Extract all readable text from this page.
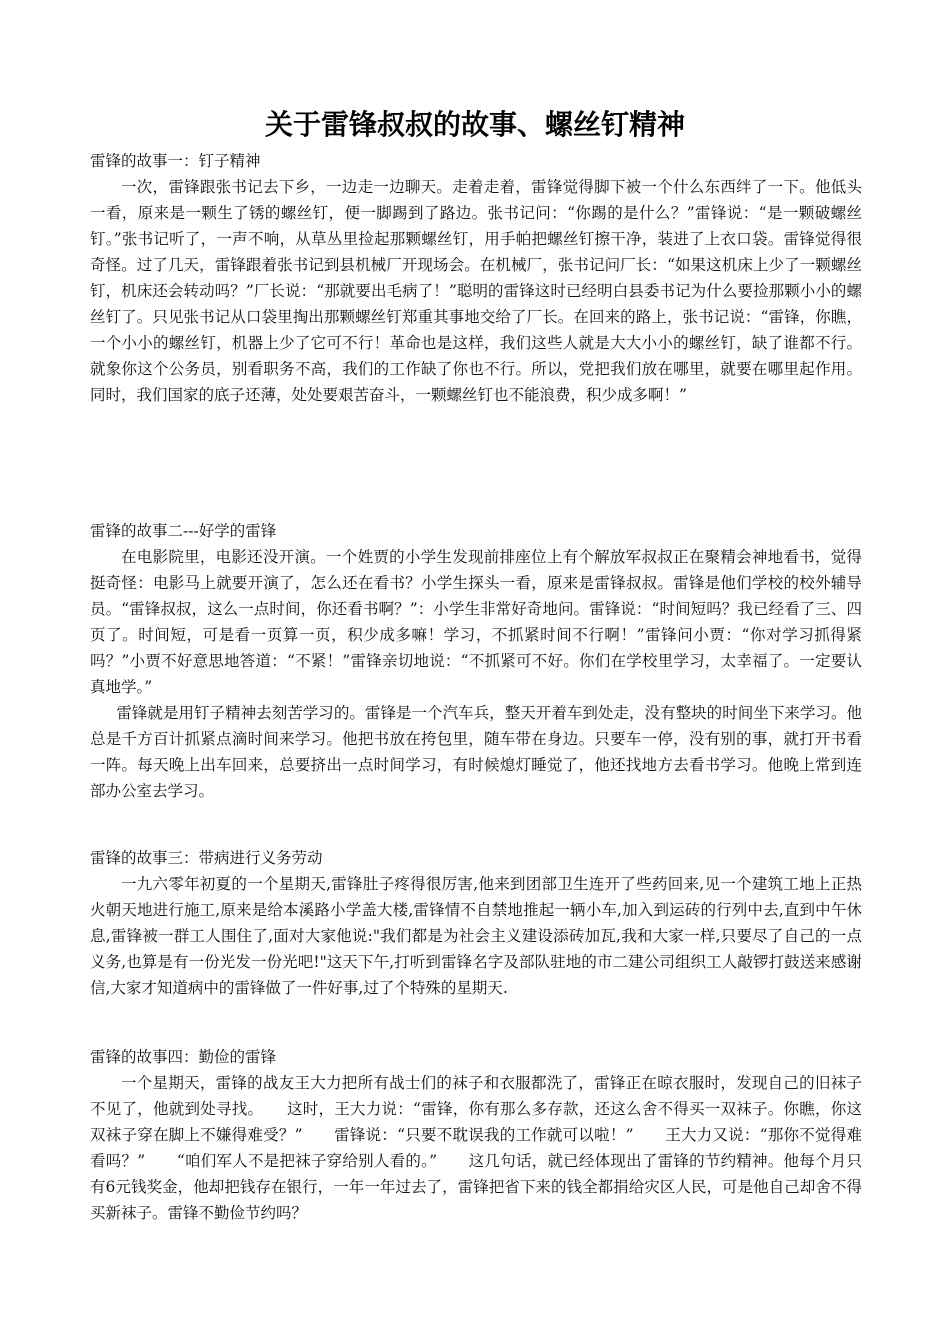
关于雷锋叔叔的故事、螺丝钉精神
雷锋的故事一：钉子精神

一次，雷锋跟张书记去下乡，一边走一边聊天。走着走着，雷锋觉得脚下被一个什么东西绊了一下。他低头一看，原来是一颗生了锈的螺丝钉，便一脚踢到了路边。张书记问：“你踢的是什么？”雷锋说：“是一颗破螺丝钉。”张书记听了，一声不响，从草丛里捡起那颗螺丝钉，用手帕把螺丝钉擦干净，装进了上衣口袋。雷锋觉得很奇怪。过了几天，雷锋跟着张书记到县机械厂开现场会。在机械厂，张书记问厂长：“如果这机床上少了一颗螺丝钉，机床还会转动吗？”厂长说：“那就要出毛病了！”聪明的雷锋这时已经明白县委书记为什么要捡那颗小小的螺丝钉了。只见张书记从口袋里掏出那颗螺丝钉郑重其事地交给了厂长。在回来的路上，张书记说：“雷锋，你瞧，一个小小的螺丝钉，机器上少了它可不行！革命也是这样，我们这些人就是大大小小的螺丝钉，缺了谁都不行。就象你这个公务员，别看职务不高，我们的工作缺了你也不行。所以，党把我们放在哪里，就要在哪里起作用。同时，我们国家的底子还薄，处处要艰苦奋斗，一颗螺丝钉也不能浪费，积少成多啊！”

雷锋的故事二---好学的雷锋

在电影院里，电影还没开演。一个姓贾的小学生发现前排座位上有个解放军叔叔正在聚精会神地看书，觉得挺奇怪：电影马上就要开演了，怎么还在看书？小学生探头一看，原来是雷锋叔叔。雷锋是他们学校的校外辅导员。“雷锋叔叔，这么一点时间，你还看书啊？”：小学生非常好奇地问。雷锋说：“时间短吗？我已经看了三、四页了。时间短，可是看一页算一页，积少成多嘛！学习，不抓紧时间不行啊！”雷锋问小贾：“你对学习抓得紧吗？”小贾不好意思地答道：“不紧！”雷锋亲切地说：“不抓紧可不好。你们在学校里学习，太幸福了。一定要认真地学。”

雷锋就是用钉子精神去刻苦学习的。雷锋是一个汽车兵，整天开着车到处走，没有整块的时间坐下来学习。他总是千方百计抓紧点滴时间来学习。他把书放在挎包里，随车带在身边。只要车一停，没有别的事，就打开书看一阵。每天晚上出车回来，总要挤出一点时间学习，有时候熄灯睡觉了，他还找地方去看书学习。他晚上常到连部办公室去学习。

雷锋的故事三：带病进行义务劳动

一九六零年初夏的一个星期天,雷锋肚子疼得很厉害,他来到团部卫生连开了些药回来,见一个建筑工地上正热火朝天地进行施工,原来是给本溪路小学盖大楼,雷锋情不自禁地推起一辆小车,加入到运砖的行列中去,直到中午休息,雷锋被一群工人围住了,面对大家他说:"我们都是为社会主义建设添砖加瓦,我和大家一样,只要尽了自己的一点义务,也算是有一份光发一份光吧!"这天下午,打听到雷锋名字及部队驻地的市二建公司组织工人敲锣打鼓送来感谢信,大家才知道病中的雷锋做了一件好事,过了个特殊的星期天.

雷锋的故事四：勤俭的雷锋

一个星期天，雷锋的战友王大力把所有战士们的袜子和衣服都洗了，雷锋正在晾衣服时，发现自己的旧袜子不见了，他就到处寻找。　　这时，王大力说：“雷锋，你有那么多存款，还这么舍不得买一双袜子。你瞧，你这双袜子穿在脚上不嫌得难受？”　　雷锋说：“只要不耽误我的工作就可以啦！”　　王大力又说：“那你不觉得难看吗？”　　“咱们军人不是把袜子穿给别人看的。”　　这几句话，就已经体现出了雷锋的节约精神。他每个月只有6元钱奖金，他却把钱存在银行，一年一年过去了，雷锋把省下来的钱全都捐给灾区人民，可是他自己却舍不得买新袜子。雷锋不勤俭节约吗？
